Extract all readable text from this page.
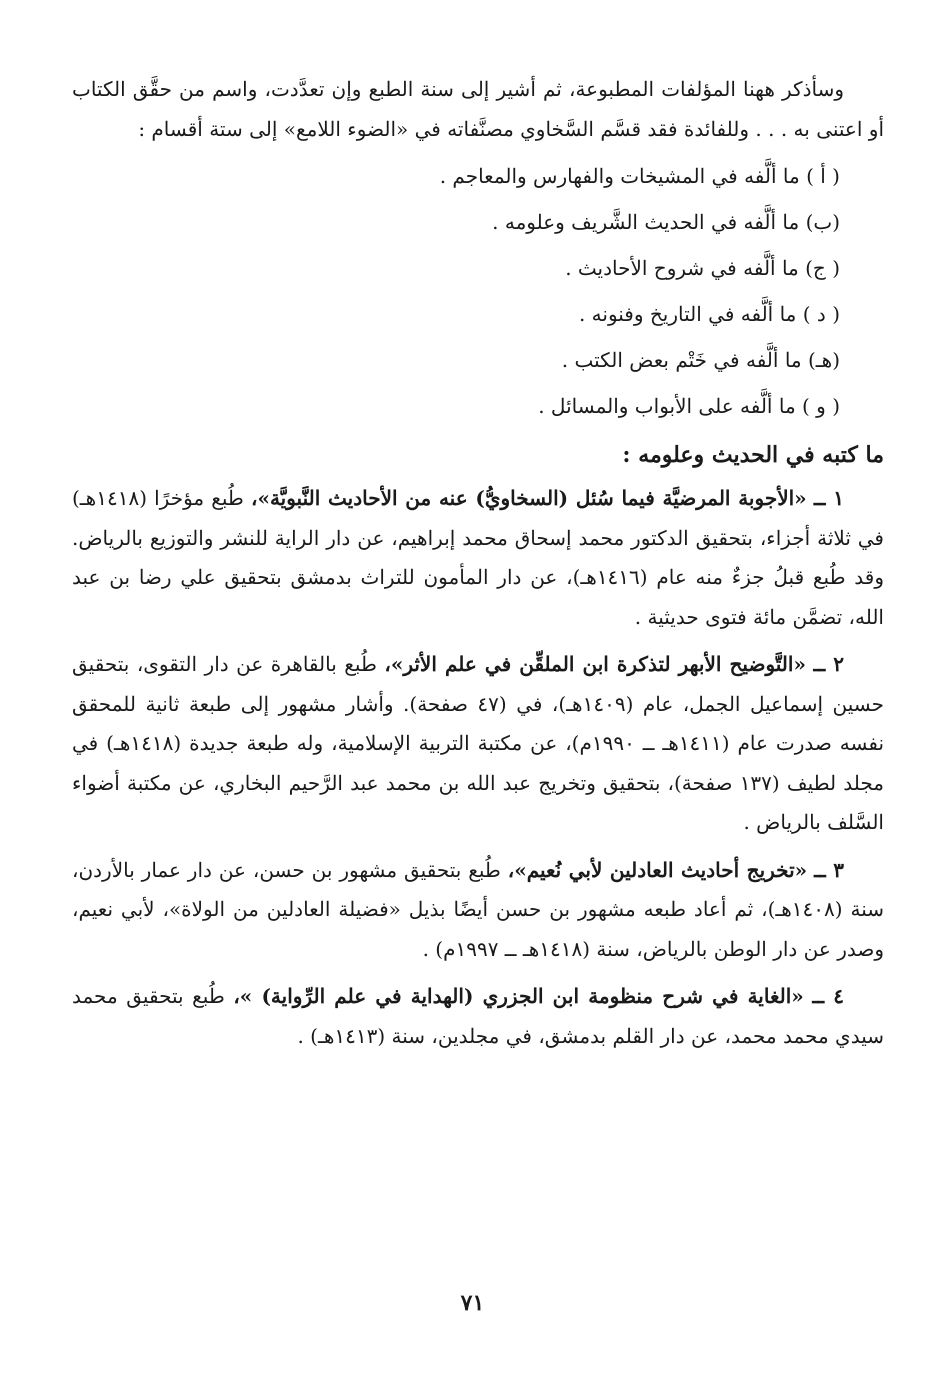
وسأذكر ههنا المؤلفات المطبوعة، ثم أشير إلى سنة الطبع وإن تعدَّدت، واسم من حقَّق الكتاب أو اعتنى به . . . وللفائدة فقد قسَّم السَّخاوي مصنَّفاته في «الضوء اللامع» إلى ستة أقسام :

( أ ) ما ألَّفه في المشيخات والفهارس والمعاجم .
(ب) ما ألَّفه في الحديث الشَّريف وعلومه .
( ج) ما ألَّفه في شروح الأحاديث .
( د ) ما ألَّفه في التاريخ وفنونه .
(هـ) ما ألَّفه في خَتْم بعض الكتب .
( و ) ما ألَّفه على الأبواب والمسائل .
ما كتبه في الحديث وعلومه :

١ ــ «الأجوبة المرضيَّة فيما سُئل (السخاويُّ) عنه من الأحاديث النَّبويَّة»، طُبع مؤخرًا (١٤١٨هـ) في ثلاثة أجزاء، بتحقيق الدكتور محمد إسحاق محمد إبراهيم، عن دار الراية للنشر والتوزيع بالرياض. وقد طُبع قبلُ جزءٌ منه عام (١٤١٦هـ)، عن دار المأمون للتراث بدمشق بتحقيق علي رضا بن عبد الله، تضمَّن مائة فتوى حديثية .

٢ ــ «التَّوضيح الأبهر لتذكرة ابن الملقِّن في علم الأثر»، طُبع بالقاهرة عن دار التقوى، بتحقيق حسين إسماعيل الجمل، عام (١٤٠٩هـ)، في (٤٧ صفحة). وأشار مشهور إلى طبعة ثانية للمحقق نفسه صدرت عام (١٤١١هـ ــ ١٩٩٠م)، عن مكتبة التربية الإسلامية، وله طبعة جديدة (١٤١٨هـ) في مجلد لطيف (١٣٧ صفحة)، بتحقيق وتخريج عبد الله بن محمد عبد الرَّحيم البخاري، عن مكتبة أضواء السَّلف بالرياض .

٣ ــ «تخريج أحاديث العادلين لأبي نُعيم»، طُبع بتحقيق مشهور بن حسن، عن دار عمار بالأردن، سنة (١٤٠٨هـ)، ثم أعاد طبعه مشهور بن حسن أيضًا بذيل «فضيلة العادلين من الولاة»، لأبي نعيم، وصدر عن دار الوطن بالرياض، سنة (١٤١٨هـ ــ ١٩٩٧م) .

٤ ــ «الغاية في شرح منظومة ابن الجزري (الهداية في علم الرِّواية) »، طُبع بتحقيق محمد سيدي محمد محمد، عن دار القلم بدمشق، في مجلدين، سنة (١٤١٣هـ) .

٧١
